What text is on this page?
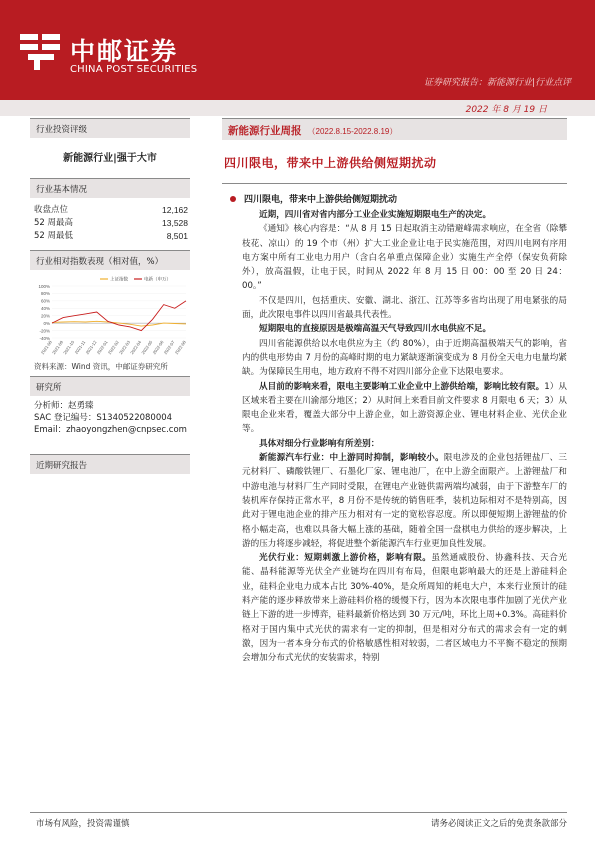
中邮证券
CHINA POST SECURITIES
证券研究报告：新能源行业|行业点评
2022 年 8 月 19 日
行业投资评级
新能源行业|强于大市
行业基本情况
收盘点位	12,162
52 周最高	13,528
52 周最低	8,501
行业相对指数表现（相对值，%）
100%
80%
60%
40%
20%
0%
-20%
-40%
2021-08
2021-09
2021-10
2021-11
2021-12
2022-01
2022-02
2022-03
2022-04
2022-05
2022-06
2022-07
2022-08
上证指数	电新（申万）
资料来源：Wind 资讯，中邮证券研究所
研究所
分析师：赵勇臻
SAC 登记编号：S1340522080004
Email：zhaoyongzhen@cnpsec.com
近期研究报告
新能源行业周报 （2022.8.15-2022.8.19）
四川限电，带来中上游供给侧短期扰动
四川限电，带来中上游供给侧短期扰动

近期，四川省对省内部分工业企业实施短期限电生产的决定。

《通知》核心内容是：“从 8 月 15 日起取消主动错避峰需求响应，在全省（除攀枝花、凉山）的 19 个市（州）扩大工业企业让电于民实施范围，对四川电网有序用电方案中所有工业电力用户（含白名单重点保障企业）实施生产全停（保安负荷除外），放高温假，让电于民，时间从 2022 年 8 月 15 日 00：00 至 20 日 24：00。”

不仅是四川，包括重庆、安徽、湖北、浙江、江苏等多省均出现了用电紧张的局面，此次限电事件以四川省最具代表性。

短期限电的直接原因是极端高温天气导致四川水电供应不足。

四川省能源供给以水电供应为主（约 80%），由于近期高温极端天气的影响，省内的供电形势由 7 月份的高峰时期的电力紧缺逐渐演变成为 8 月份全天电力电量均紧缺。为保障民生用电，地方政府不得不对四川部分企业下达限电要求。

从目前的影响来看，限电主要影响工业企业中上游供给端，影响比较有限。1）从区域来看主要在川渝部分地区；2）从时间上来看目前文件要求 8 月限电 6 天；3）从限电企业来看，覆盖大部分中上游企业，如上游资源企业、锂电材料企业、光伏企业等。

具体对细分行业影响有所差别：

新能源汽车行业：中上游同时抑制，影响较小。限电涉及的企业包括锂盐厂、三元材料厂、磷酸铁锂厂、石墨化厂家、锂电池厂，在中上游全面限产。上游锂盐厂和中游电池与材料厂生产同时受限，在锂电产业链供需两端均减弱，由于下游整车厂的装机库存保持正常水平，8 月份不是传统的销售旺季，装机边际相对不是特别高，因此对于锂电池企业的排产压力相对有一定的宽松容忍度。所以即便短期上游锂盐的价格小幅走高，也难以具备大幅上涨的基础，随着全国一盘棋电力供给的逐步解决，上游的压力将逐步减轻，将促进整个新能源汽车行业更加良性发展。

光伏行业：短期刺激上游价格，影响有限。虽然通威股份、协鑫科技、天合光能、晶科能源等光伏全产业链均在四川有布局，但限电影响最大的还是上游硅料企业，硅料企业电力成本占比 30%-40%，是众所周知的耗电大户，本来行业预计的硅料产能的逐步释放带来上游硅料价格的缓慢下行，因为本次限电事件加剧了光伏产业链上下游的进一步博弈，硅料最新价格达到 30 万元/吨，环比上周+0.3%。高硅料价格对于国内集中式光伏的需求有一定的抑制，但是相对分布式的需求会有一定的刺激，因为一者本身分布式的价格敏感性相对较弱，二者区域电力不平衡不稳定的预期会增加分布式光伏的安装需求，特别

市场有风险，投资需谨慎	请务必阅读正文之后的免责条款部分
